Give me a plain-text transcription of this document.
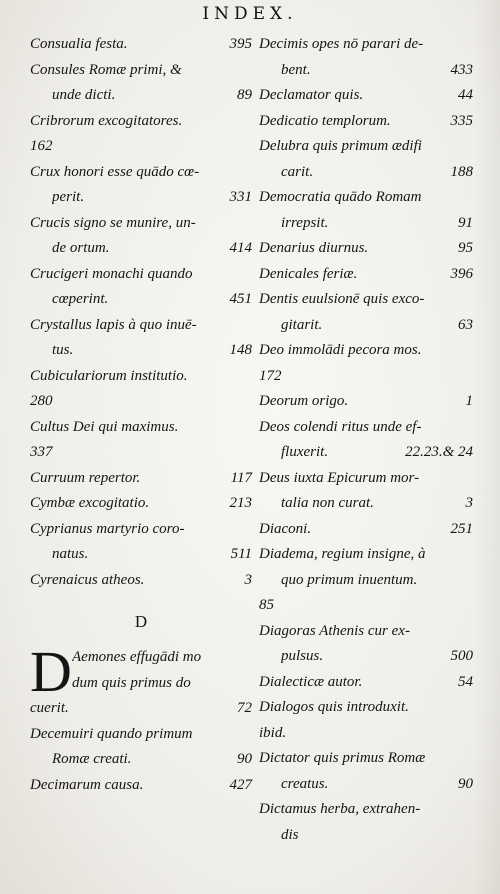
INDEX.
Consualia festa.	395
Consules Romæ primi, &
unde dicti.	89
Cribrorum excogitatores.
162
Crux honori esse quādo cœ-
perit.	331
Crucis signo se munire, un-
de ortum.	414
Crucigeri monachi quando
cœperint.	451
Crystallus lapis à quo inuē-
tus.	148
Cubiculariorum institutio.
280
Cultus Dei qui maximus.
337
Curruum repertor.	117
Cymbæ excogitatio.	213
Cyprianus martyrio coro-
natus.	511
Cyrenaicus atheos.	3
D
D Aemones effugādi mo
dum quis primus do
cuerit.	72
Decemuiri quando primum
Romæ creati.	90
Decimarum causa.	427
Decimis opes nō parari de-
bent.	433
Declamator quis.	44
Dedicatio templorum.	335
Delubra quis primum ædifi
carit.	188
Democratia quādo Romam
irrepsit.	91
Denarius diurnus.	95
Denicales feriæ.	396
Dentis euulsionē quis exco-
gitarit.	63
Deo immolādi pecora mos.
172
Deorum origo.	1
Deos colendi ritus unde ef-
fluxerit.	22.23.& 24
Deus iuxta Epicurum mor-
talia non curat.	3
Diaconi.	251
Diadema, regium insigne, à
quo primum inuentum.
85
Diagoras Athenis cur ex-
pulsus.	500
Dialecticæ autor.	54
Dialogos quis introduxit.
ibid.
Dictator quis primus Romæ
creatus.	90
Dictamus herba, extrahen-
dis
